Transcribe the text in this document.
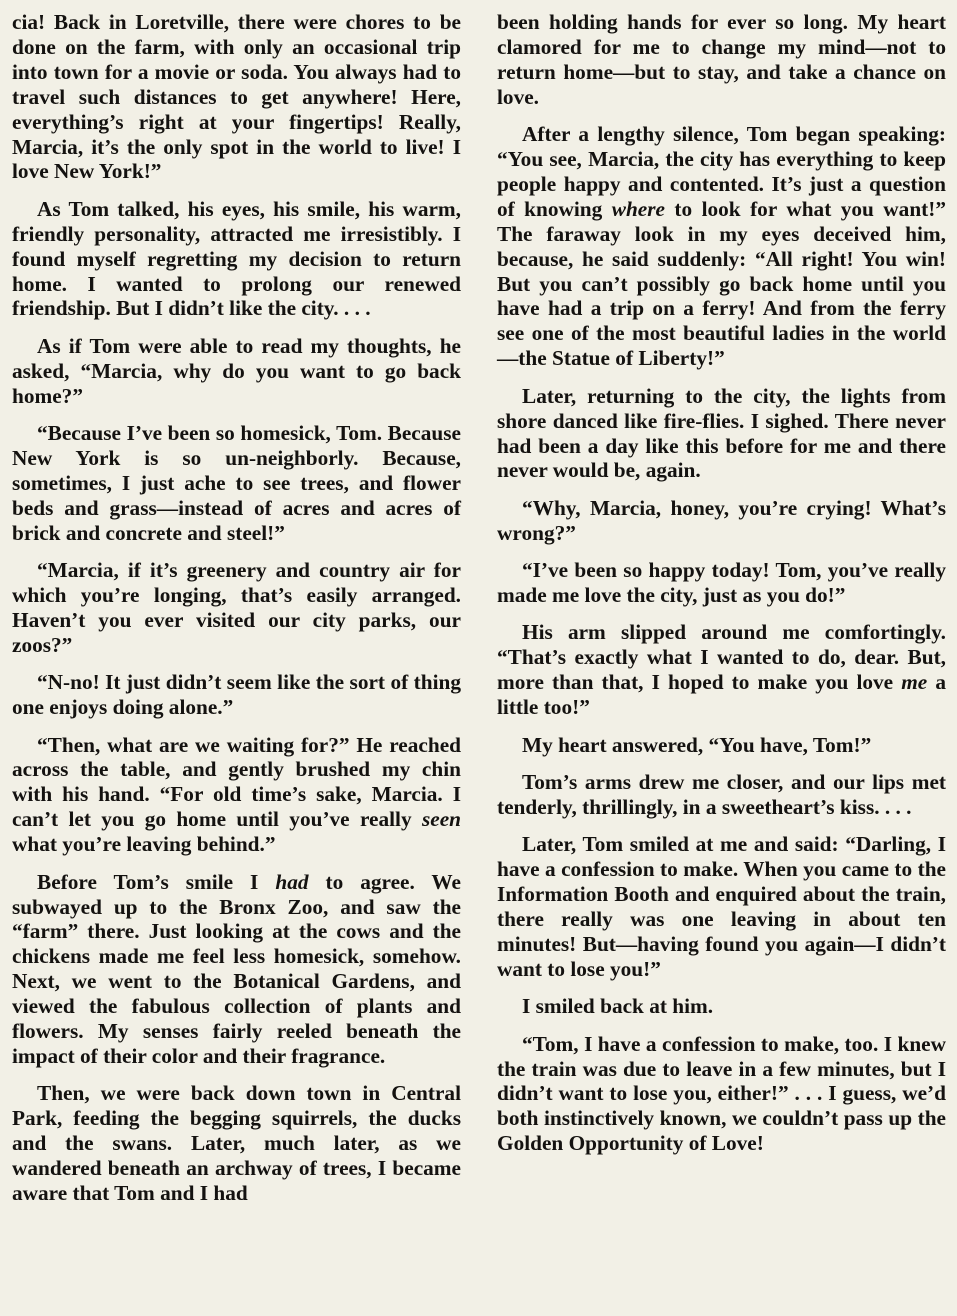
cia! Back in Loretville, there were chores to be done on the farm, with only an occasional trip into town for a movie or soda. You always had to travel such distances to get anywhere! Here, everything’s right at your fingertips! Really, Marcia, it’s the only spot in the world to live! I love New York!”

As Tom talked, his eyes, his smile, his warm, friendly personality, attracted me irresistibly. I found myself regretting my decision to return home. I wanted to prolong our renewed friendship. But I didn’t like the city. . . .

As if Tom were able to read my thoughts, he asked, “Marcia, why do you want to go back home?”

“Because I’ve been so homesick, Tom. Because New York is so un-neighborly. Because, sometimes, I just ache to see trees, and flower beds and grass—instead of acres and acres of brick and concrete and steel!”

“Marcia, if it’s greenery and country air for which you’re longing, that’s easily arranged. Haven’t you ever visited our city parks, our zoos?”

“N-no! It just didn’t seem like the sort of thing one enjoys doing alone.”

“Then, what are we waiting for?” He reached across the table, and gently brushed my chin with his hand. “For old time’s sake, Marcia. I can’t let you go home until you’ve really seen what you’re leaving behind.”

Before Tom’s smile I had to agree. We subwayed up to the Bronx Zoo, and saw the “farm” there. Just looking at the cows and the chickens made me feel less homesick, somehow. Next, we went to the Botanical Gardens, and viewed the fabulous collection of plants and flowers. My senses fairly reeled beneath the impact of their color and their fragrance.

Then, we were back down town in Central Park, feeding the begging squirrels, the ducks and the swans. Later, much later, as we wandered beneath an archway of trees, I became aware that Tom and I had

been holding hands for ever so long. My heart clamored for me to change my mind—not to return home—but to stay, and take a chance on love.

After a lengthy silence, Tom began speaking: “You see, Marcia, the city has everything to keep people happy and contented. It’s just a question of knowing where to look for what you want!” The faraway look in my eyes deceived him, because, he said suddenly: “All right! You win! But you can’t possibly go back home until you have had a trip on a ferry! And from the ferry see one of the most beautiful ladies in the world—the Statue of Liberty!”

Later, returning to the city, the lights from shore danced like fire-flies. I sighed. There never had been a day like this before for me and there never would be, again.

“Why, Marcia, honey, you’re crying! What’s wrong?”

“I’ve been so happy today! Tom, you’ve really made me love the city, just as you do!”

His arm slipped around me comfortingly. “That’s exactly what I wanted to do, dear. But, more than that, I hoped to make you love me a little too!”

My heart answered, “You have, Tom!”

Tom’s arms drew me closer, and our lips met tenderly, thrillingly, in a sweetheart’s kiss. . . .

Later, Tom smiled at me and said: “Darling, I have a confession to make. When you came to the Information Booth and enquired about the train, there really was one leaving in about ten minutes! But—having found you again—I didn’t want to lose you!”

I smiled back at him.

“Tom, I have a confession to make, too. I knew the train was due to leave in a few minutes, but I didn’t want to lose you, either!” . . . I guess, we’d both instinctively known, we couldn’t pass up the Golden Opportunity of Love!
